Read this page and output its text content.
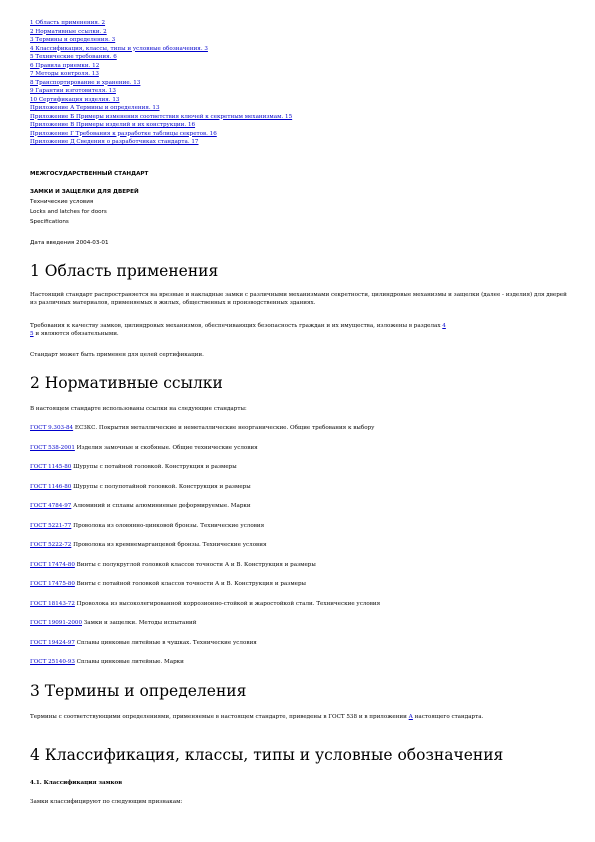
1 Область применения. 2
2 Нормативные ссылки. 2
3 Термины и определения. 3
4 Классификация, классы, типы и условные обозначения. 3
5 Технические требования. 6
6 Правила приемки. 12
7 Методы контроля. 13
8 Транспортирование и хранение. 13
9 Гарантии изготовителя. 13
10 Сертификация изделия. 13
Приложение А Термины и определения. 13
Приложение Б Примеры изменения соответствия ключей к секретным механизмам. 15
Приложение В Примеры изделий и их конструкции. 16
Приложение Г Требования к разработке таблицы секретов. 16
Приложение Д Сведения о разработчиках стандарта. 17
МЕЖГОСУДАРСТВЕННЫЙ СТАНДАРТ
ЗАМКИ И ЗАЩЕЛКИ ДЛЯ ДВЕРЕЙ
Технические условия
Locks and latches for doors
Specifications
Дата введения 2004-03-01
1 Область применения
Настоящий стандарт распространяется на врезные и накладные замки с различными механизмами секретности, цилиндровые механизмы и защелки (далее - изделия) для дверей из различных материалов, применяемых в жилых, общественных и производственных зданиях.
Требования к качеству замков, цилиндровых механизмов, обеспечивающих безопасность граждан и их имущества, изложены в разделах 4
5 и являются обязательными.
Стандарт может быть применен для целей сертификации.
2 Нормативные ссылки
В настоящем стандарте использованы ссылки на следующие стандарты:
ГОСТ 9.303-84 ЕСЗКС. Покрытия металлические и неметаллические неорганические. Общие требования к выбору
ГОСТ 538-2001 Изделия замочные и скобяные. Общие технические условия
ГОСТ 1145-80 Шурупы с потайной головкой. Конструкция и размеры
ГОСТ 1146-80 Шурупы с полупотайной головкой. Конструкция и размеры
ГОСТ 4784-97 Алюминий и сплавы алюминиевые деформируемые. Марки
ГОСТ 5221-77 Проволока из оловянно-цинковой бронзы. Технические условия
ГОСТ 5222-72 Проволока из кремнемарганцевой бронзы. Технические условия
ГОСТ 17474-80 Винты с полукруглой головкой классов точности А и В. Конструкция и размеры
ГОСТ 17475-80 Винты с потайной головкой классов точности А и В. Конструкция и размеры
ГОСТ 18143-72 Проволока из высоколегированной коррозионно-стойкой и жаростойкой стали. Технические условия
ГОСТ 19091-2000 Замки и защелки. Методы испытаний
ГОСТ 19424-97 Сплавы цинковые литейные в чушках. Технические условия
ГОСТ 25140-93 Сплавы цинковые литейные. Марки
3 Термины и определения
Термины с соответствующими определениями, применяемые в настоящем стандарте, приведены в ГОСТ 538 и в приложении А настоящего стандарта.
4 Классификация, классы, типы и условные обозначения
4.1. Классификация замков
Замки классифицируют по следующим признакам:
